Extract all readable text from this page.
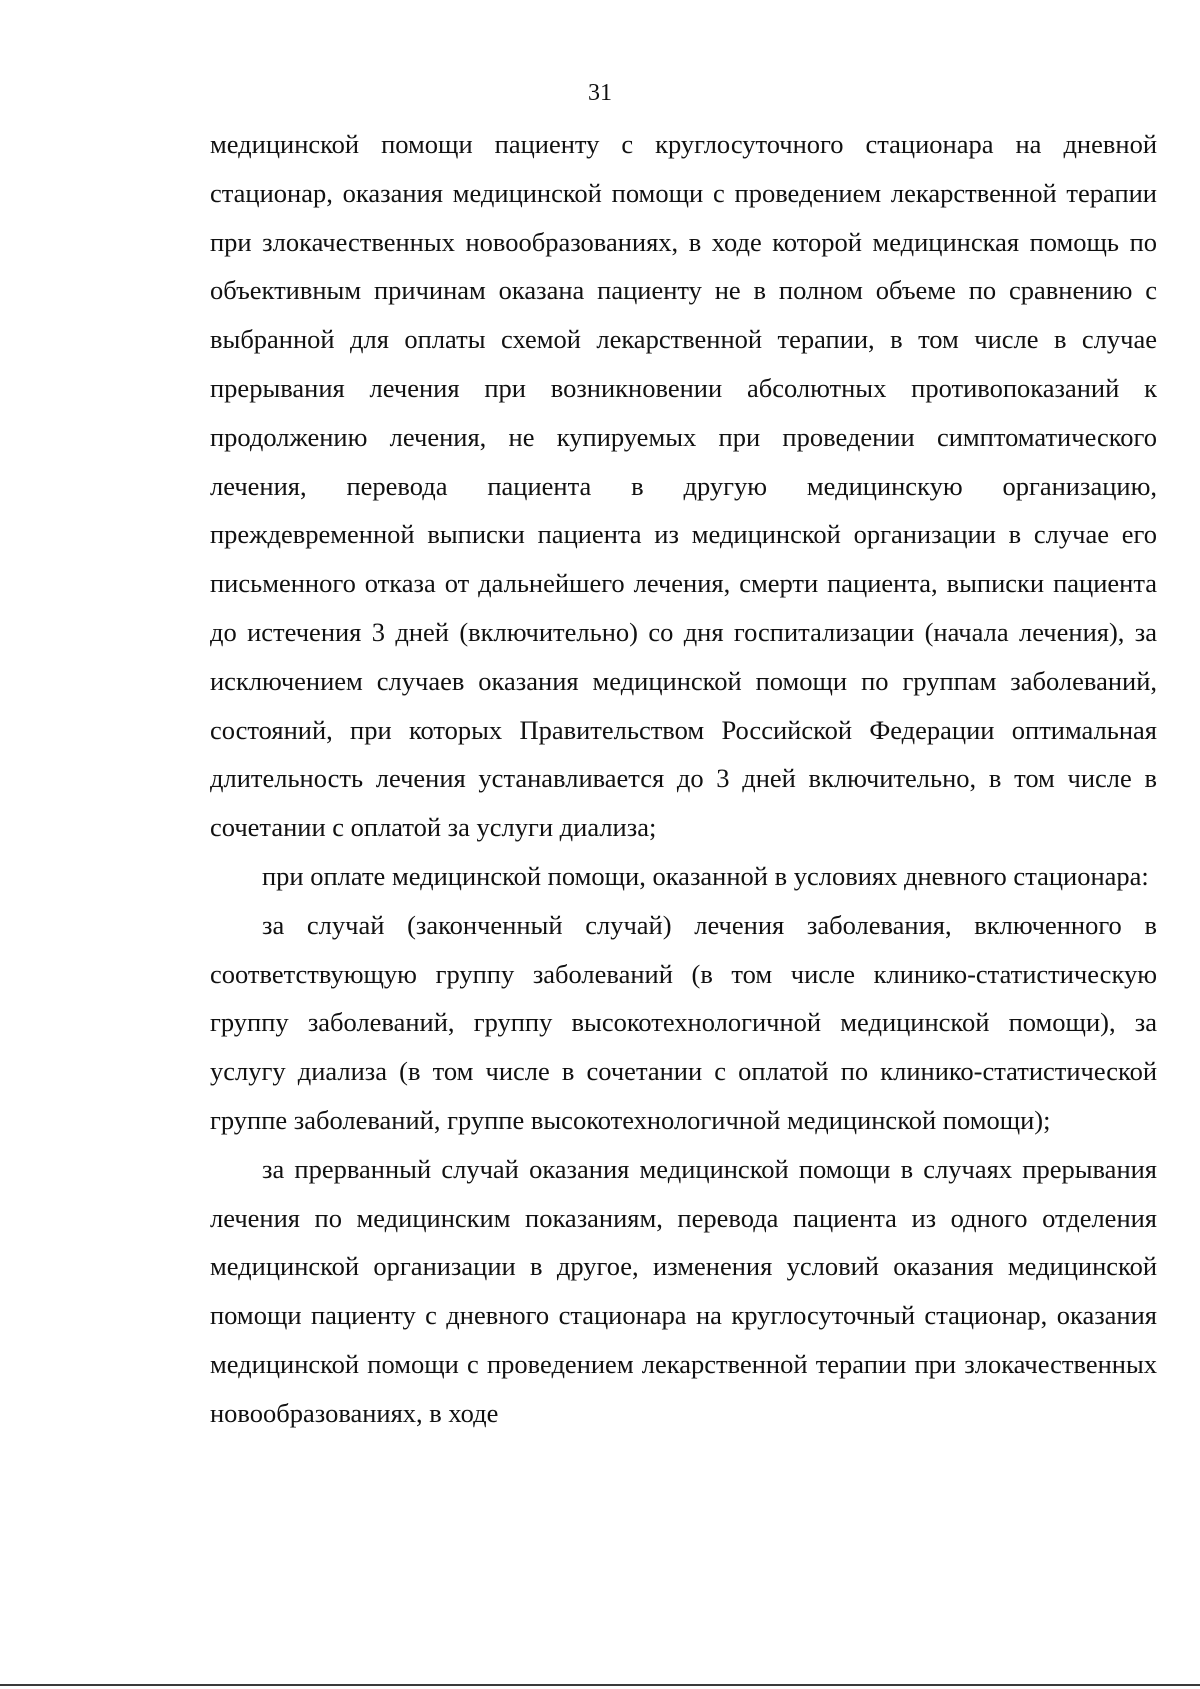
31

медицинской помощи пациенту с круглосуточного стационара на дневной стационар, оказания медицинской помощи с проведением лекарственной терапии при злокачественных новообразованиях, в ходе которой медицинская помощь по объективным причинам оказана пациенту не в полном объеме по сравнению с выбранной для оплаты схемой лекарственной терапии, в том числе в случае прерывания лечения при возникновении абсолютных противопоказаний к продолжению лечения, не купируемых при проведении симптоматического лечения, перевода пациента в другую медицинскую организацию, преждевременной выписки пациента из медицинской организации в случае его письменного отказа от дальнейшего лечения, смерти пациента, выписки пациента до истечения 3 дней (включительно) со дня госпитализации (начала лечения), за исключением случаев оказания медицинской помощи по группам заболеваний, состояний, при которых Правительством Российской Федерации оптимальная длительность лечения устанавливается до 3 дней включительно, в том числе в сочетании с оплатой за услуги диализа;

при оплате медицинской помощи, оказанной в условиях дневного стационара:

за случай (законченный случай) лечения заболевания, включенного в соответствующую группу заболеваний (в том числе клинико-статистическую группу заболеваний, группу высокотехнологичной медицинской помощи), за услугу диализа (в том числе в сочетании с оплатой по клинико-статистической группе заболеваний, группе высокотехнологичной медицинской помощи);

за прерванный случай оказания медицинской помощи в случаях прерывания лечения по медицинским показаниям, перевода пациента из одного отделения медицинской организации в другое, изменения условий оказания медицинской помощи пациенту с дневного стационара на круглосуточный стационар, оказания медицинской помощи с проведением лекарственной терапии при злокачественных новообразованиях, в ходе
